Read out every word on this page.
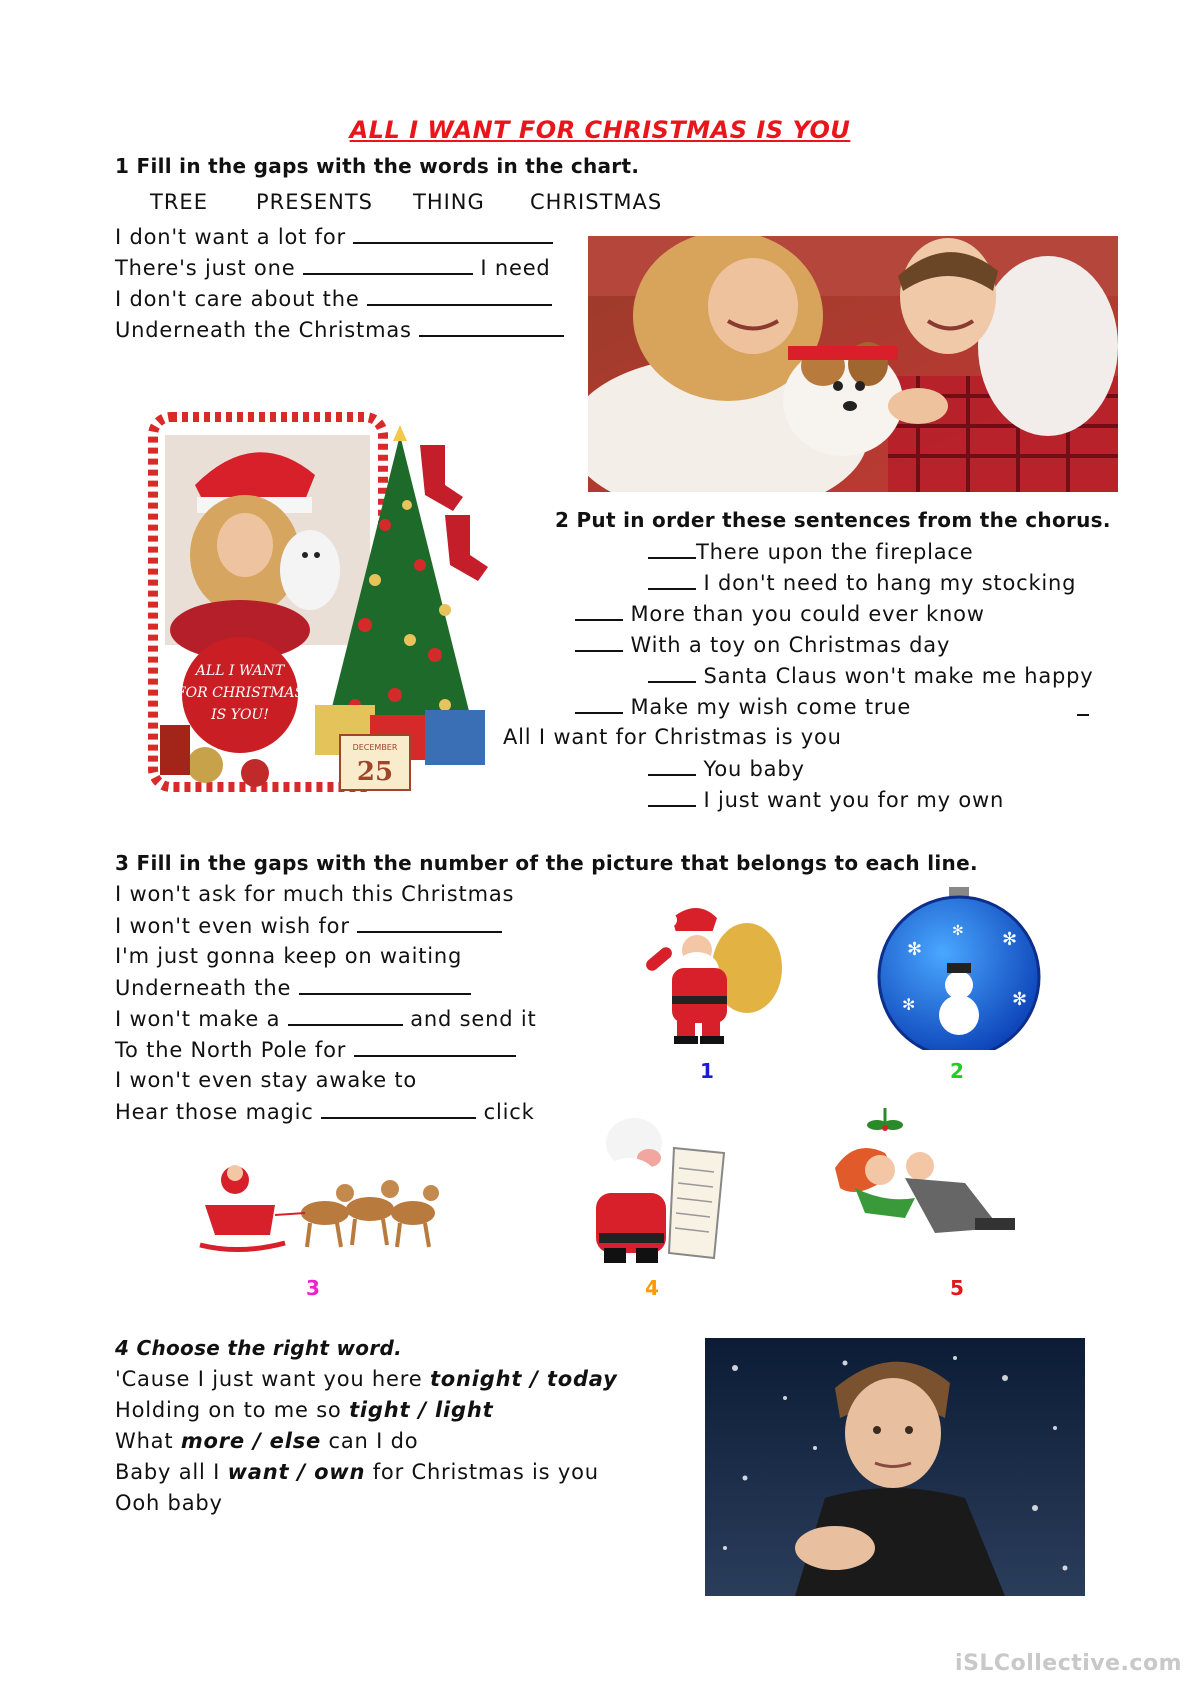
ALL I WANT FOR CHRISTMAS IS YOU
1 Fill in the gaps with the words in the chart.
TREE PRESENTS THING CHRISTMAS
I don't want a lot for
There's just one	I need
I don't care about the
Underneath the Christmas
ALL I WANT
FOR CHRISTMAS
IS YOU!
DECEMBER
25
2 Put in order these sentences from the chorus.
There upon the fireplace
I don't need to hang my stocking
More than you could ever know
With a toy on Christmas day
Santa Claus won't make me happy
Make my wish come true
All I want for Christmas is you
You baby
I just want you for my own
3 Fill in the gaps with the number of the picture that belongs to each line.
I won't ask for much this Christmas
I won't even wish for
I'm just gonna keep on waiting
Underneath the
I won't make a	and send it
To the North Pole for
I won't even stay awake to
Hear those magic	click
1
✻	✻
✻
✻
✻
2
3	4	5
4 Choose the right word.
'Cause I just want you here tonight / today
Holding on to me so tight / light
What more / else can I do
Baby all I want / own for Christmas is you
Ooh baby
iSLCollective.com
